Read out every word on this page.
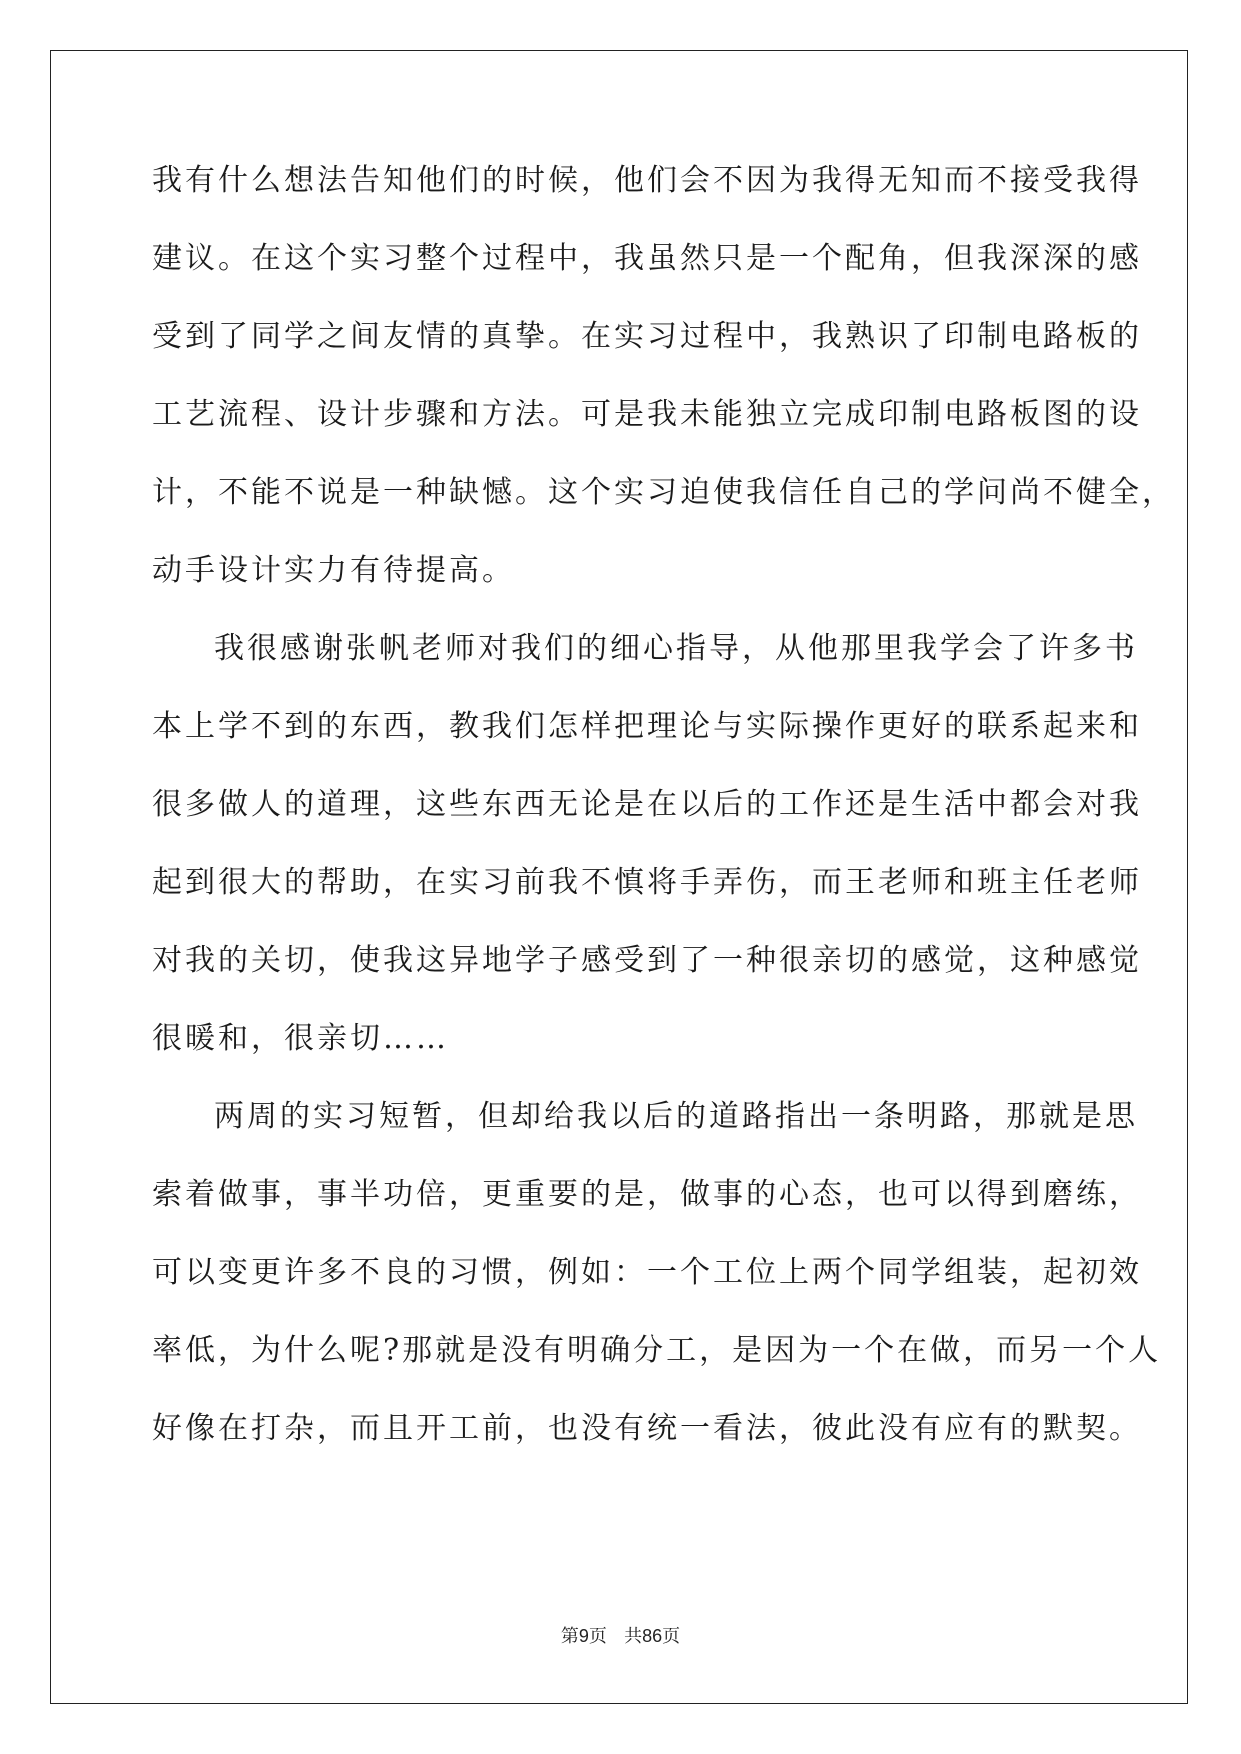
我有什么想法告知他们的时候，他们会不因为我得无知而不接受我得
建议。在这个实习整个过程中，我虽然只是一个配角，但我深深的感
受到了同学之间友情的真挚。在实习过程中，我熟识了印制电路板的
工艺流程、设计步骤和方法。可是我未能独立完成印制电路板图的设
计，不能不说是一种缺憾。这个实习迫使我信任自己的学问尚不健全，
动手设计实力有待提高。
我很感谢张帆老师对我们的细心指导，从他那里我学会了许多书
本上学不到的东西，教我们怎样把理论与实际操作更好的联系起来和
很多做人的道理，这些东西无论是在以后的工作还是生活中都会对我
起到很大的帮助，在实习前我不慎将手弄伤，而王老师和班主任老师
对我的关切，使我这异地学子感受到了一种很亲切的感觉，这种感觉
很暖和，很亲切……
两周的实习短暂，但却给我以后的道路指出一条明路，那就是思
索着做事，事半功倍，更重要的是，做事的心态，也可以得到磨练，
可以变更许多不良的习惯，例如：一个工位上两个同学组装，起初效
率低，为什么呢?那就是没有明确分工，是因为一个在做，而另一个人
好像在打杂，而且开工前，也没有统一看法，彼此没有应有的默契。
第9页 共86页
